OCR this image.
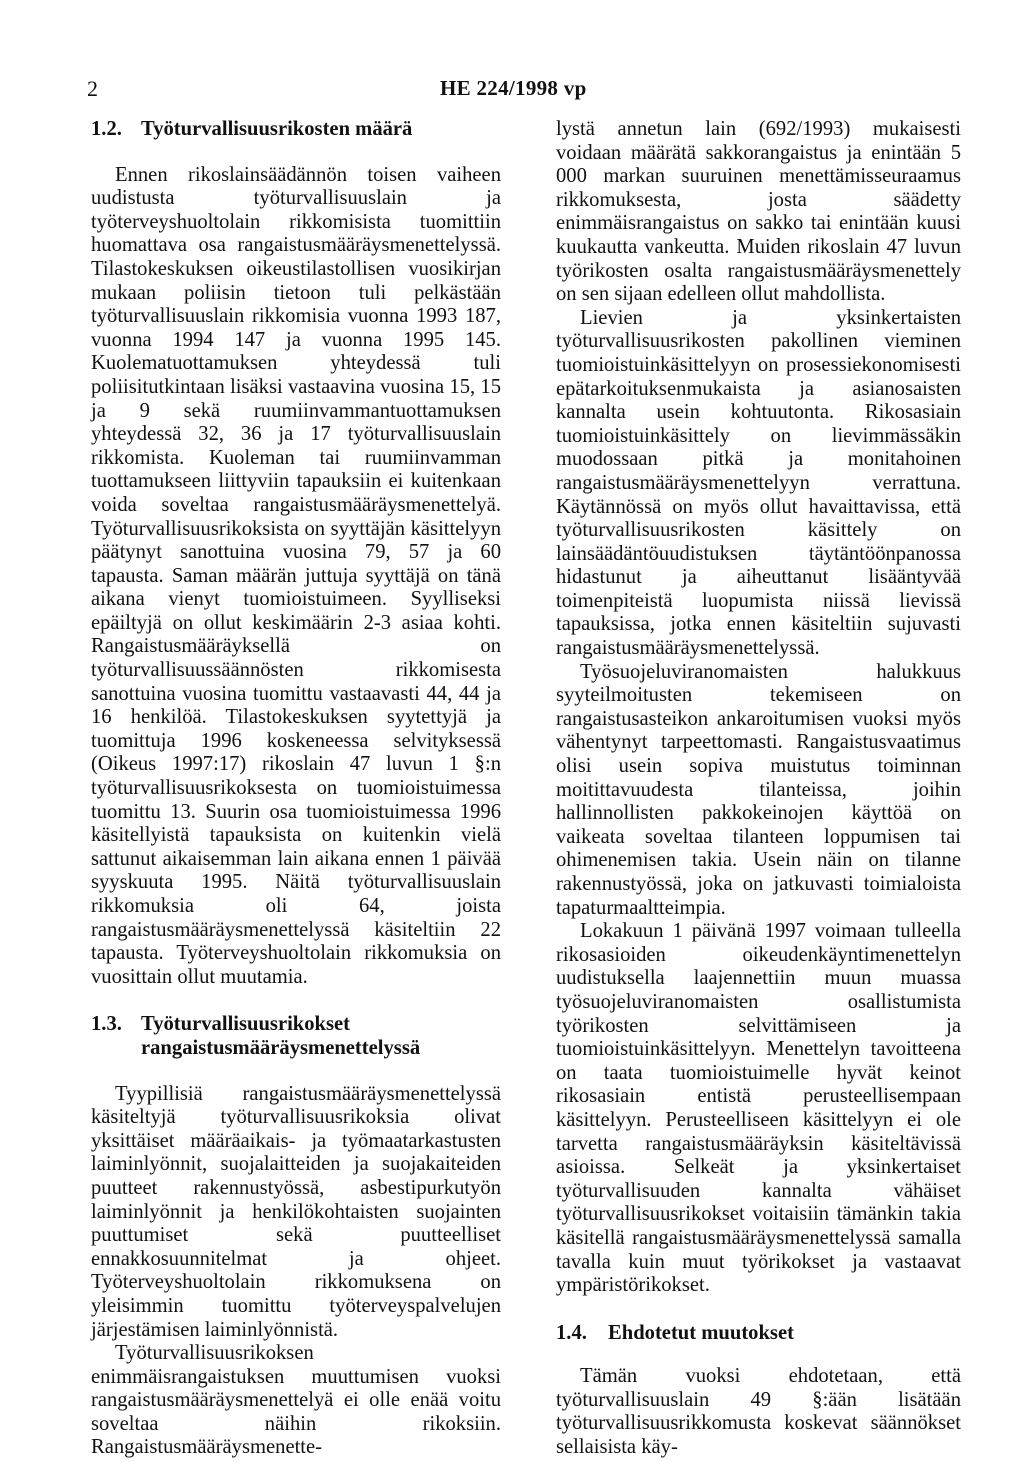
2	HE 224/1998 vp
1.2. Työturvallisuusrikosten määrä

Ennen rikoslainsäädännön toisen vaiheen uudistusta työturvallisuuslain ja työterveyshuoltolain rikkomisista tuomittiin huomattava osa rangaistusmääräysmenettelyssä. Tilastokeskuksen oikeustilastollisen vuosikirjan mukaan poliisin tietoon tuli pelkästään työturvallisuuslain rikkomisia vuonna 1993 187, vuonna 1994 147 ja vuonna 1995 145. Kuolematuottamuksen yhteydessä tuli poliisitutkintaan lisäksi vastaavina vuosina 15, 15 ja 9 sekä ruumiinvammantuottamuksen yhteydessä 32, 36 ja 17 työturvallisuuslain rikkomista. Kuoleman tai ruumiinvamman tuottamukseen liittyviin tapauksiin ei kuitenkaan voida soveltaa rangaistusmääräysmenettelyä. Työturvallisuusrikoksista on syyttäjän käsittelyyn päätynyt sanottuina vuosina 79, 57 ja 60 tapausta. Saman määrän juttuja syyttäjä on tänä aikana vienyt tuomioistuimeen. Syylliseksi epäiltyjä on ollut keskimäärin 2-3 asiaa kohti. Rangaistusmääräyksellä on työturvallisuussäännösten rikkomisesta sanottuina vuosina tuomittu vastaavasti 44, 44 ja 16 henkilöä. Tilastokeskuksen syytettyjä ja tuomittuja 1996 koskeneessa selvityksessä (Oikeus 1997:17) rikoslain 47 luvun 1 §:n työturvallisuusrikoksesta on tuomioistuimessa tuomittu 13. Suurin osa tuomioistuimessa 1996 käsitellyistä tapauksista on kuitenkin vielä sattunut aikaisemman lain aikana ennen 1 päivää syyskuuta 1995. Näitä työturvallisuuslain rikkomuksia oli 64, joista rangaistusmääräysmenettelyssä käsiteltiin 22 tapausta. Työterveyshuoltolain rikkomuksia on vuosittain ollut muutamia.

1.3. Työturvallisuusrikokset rangaistusmääräysmenettelyssä

Tyypillisiä rangaistusmääräysmenettelyssä käsiteltyjä työturvallisuusrikoksia olivat yksittäiset määräaikais- ja työmaatarkastusten laiminlyönnit, suojalaitteiden ja suojakaiteiden puutteet rakennustyössä, asbestipurkutyön laiminlyönnit ja henkilökohtaisten suojainten puuttumiset sekä puutteelliset ennakkosuunnitelmat ja ohjeet. Työterveyshuoltolain rikkomuksena on yleisimmin tuomittu työterveyspalvelujen järjestämisen laiminlyönnistä.

Työturvallisuusrikoksen enimmäisrangaistuksen muuttumisen vuoksi rangaistusmääräysmenettelyä ei olle enää voitu soveltaa näihin rikoksiin. Rangaistusmääräysmenette-

lystä annetun lain (692/1993) mukaisesti voidaan määrätä sakkorangaistus ja enintään 5 000 markan suuruinen menettämisseuraamus rikkomuksesta, josta säädetty enimmäisrangaistus on sakko tai enintään kuusi kuukautta vankeutta. Muiden rikoslain 47 luvun työrikosten osalta rangaistusmääräysmenettely on sen sijaan edelleen ollut mahdollista.

Lievien ja yksinkertaisten työturvallisuusrikosten pakollinen vieminen tuomioistuinkäsittelyyn on prosessiekonomisesti epätarkoituksenmukaista ja asianosaisten kannalta usein kohtuutonta. Rikosasiain tuomioistuinkäsittely on lievimmässäkin muodossaan pitkä ja monitahoinen rangaistusmääräysmenettelyyn verrattuna. Käytännössä on myös ollut havaittavissa, että työturvallisuusrikosten käsittely on lainsäädäntöuudistuksen täytäntöönpanossa hidastunut ja aiheuttanut lisääntyvää toimenpiteistä luopumista niissä lievissä tapauksissa, jotka ennen käsiteltiin sujuvasti rangaistusmääräysmenettelyssä.

Työsuojeluviranomaisten halukkuus syyteilmoitusten tekemiseen on rangaistusasteikon ankaroitumisen vuoksi myös vähentynyt tarpeettomasti. Rangaistusvaatimus olisi usein sopiva muistutus toiminnan moitittavuudesta tilanteissa, joihin hallinnollisten pakkokeinojen käyttöä on vaikeata soveltaa tilanteen loppumisen tai ohimenemisen takia. Usein näin on tilanne rakennustyössä, joka on jatkuvasti toimialoista tapaturmaaltteimpia.

Lokakuun 1 päivänä 1997 voimaan tulleella rikosasioiden oikeudenkäyntimenettelyn uudistuksella laajennettiin muun muassa työsuojeluviranomaisten osallistumista työrikosten selvittämiseen ja tuomioistuinkäsittelyyn. Menettelyn tavoitteena on taata tuomioistuimelle hyvät keinot rikosasiain entistä perusteellisempaan käsittelyyn. Perusteelliseen käsittelyyn ei ole tarvetta rangaistusmääräyksin käsiteltävissä asioissa. Selkeät ja yksinkertaiset työturvallisuuden kannalta vähäiset työturvallisuusrikokset voitaisiin tämänkin takia käsitellä rangaistusmääräysmenettelyssä samalla tavalla kuin muut työrikokset ja vastaavat ympäristörikokset.

1.4.	Ehdotetut muutokset

Tämän vuoksi ehdotetaan, että työturvallisuuslain 49 §:ään lisätään työturvallisuusrikkomusta koskevat säännökset sellaisista käy-
